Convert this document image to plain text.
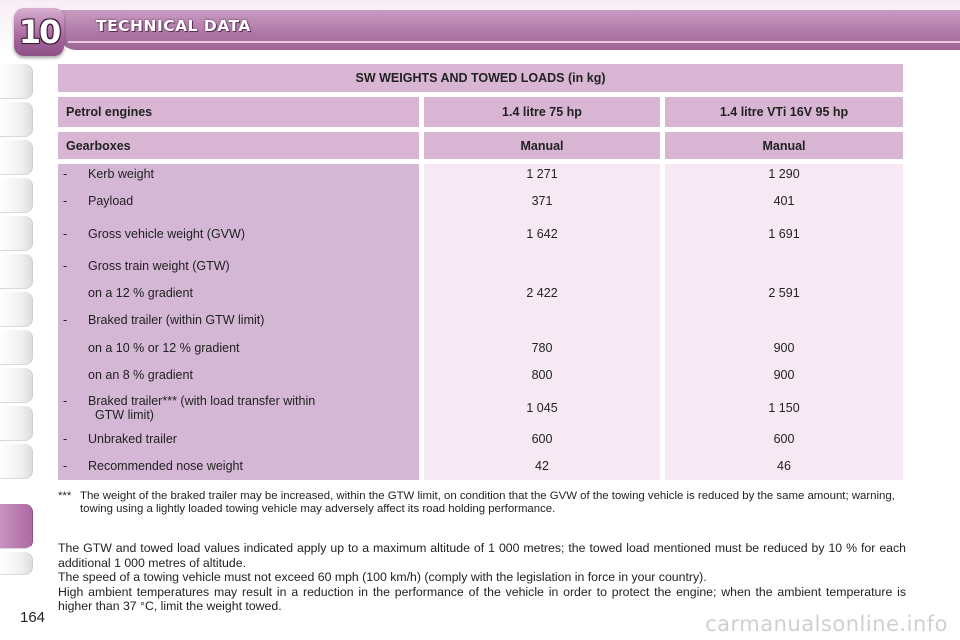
10 TECHNICAL DATA
SW WEIGHTS AND TOWED LOADS (in kg)
Petrol engines	1.4 litre 75 hp	1.4 litre VTi 16V 95 hp
Gearboxes	Manual	Manual
- Kerb weight	1 271	1 290
- Payload	371	401
- Gross vehicle weight (GVW)	1 642	1 691
- Gross train weight (GTW)
on a 12 % gradient	2 422	2 591
- Braked trailer (within GTW limit)
on a 10 % or 12 % gradient	780	900
on an 8 % gradient	800	900
- Braked trailer*** (with load transfer within
GTW limit)	1 045	1 150
- Unbraked trailer	600	600
- Recommended nose weight	42	46
*** The weight of the braked trailer may be increased, within the GTW limit, on condition that the GVW of the towing vehicle is reduced by the same amount; warning, towing using a lightly loaded towing vehicle may adversely affect its road holding performance.

The GTW and towed load values indicated apply up to a maximum altitude of 1 000 metres; the towed load mentioned must be reduced by 10 % for each additional 1 000 metres of altitude.

The speed of a towing vehicle must not exceed 60 mph (100 km/h) (comply with the legislation in force in your country).

High ambient temperatures may result in a reduction in the performance of the vehicle in order to protect the engine; when the ambient temperature is higher than 37 °C, limit the weight towed.

164	carmanualsonline.info
